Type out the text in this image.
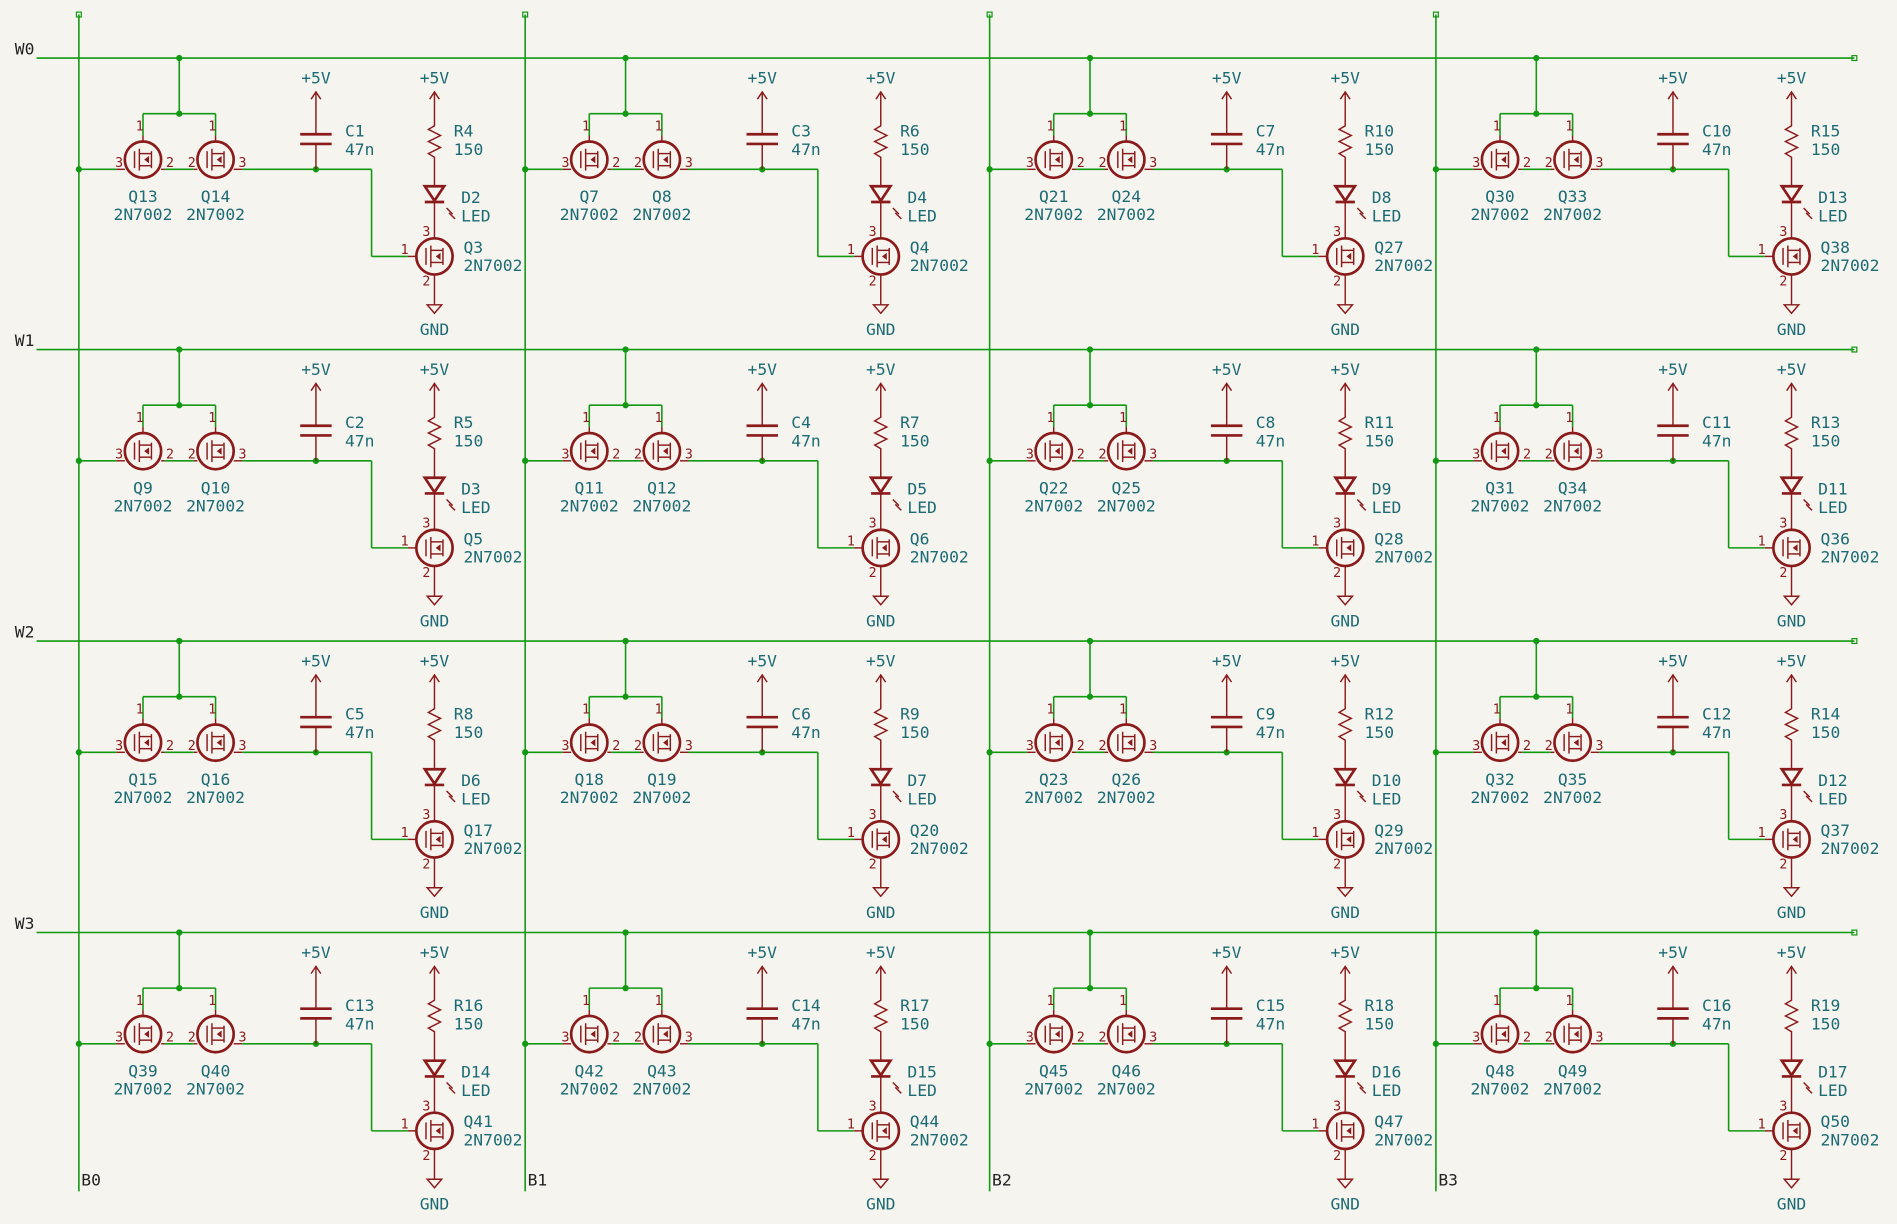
W0
W1
W2
W3
B0	B1	B2	B3
1	1
3	2 2	3
Q13
2N7002
Q14
2N7002
+5V
C1
47n
+5V
R4
150
D2
LED
1
3
2
Q3
2N7002
GND
1	1
3	2 2	3
Q7
2N7002
Q8
2N7002
+5V
C3
47n
+5V
R6
150
D4
LED
1
3
2
Q4
2N7002
GND
1	1
3	2 2	3
Q21
2N7002
Q24
2N7002
+5V
C7
47n
+5V
R10
150
D8
LED
1
3
2
Q27
2N7002
GND
1	1
3	2 2	3
Q30
2N7002
Q33
2N7002
+5V
C10
47n
+5V
R15
150
D13
LED
1
3
2
Q38
2N7002
GND
1	1
3	2 2	3
Q9
2N7002
Q10
2N7002
+5V
C2
47n
+5V
R5
150
D3
LED
1
3
2
Q5
2N7002
GND
1	1
3	2 2	3
Q11
2N7002
Q12
2N7002
+5V
C4
47n
+5V
R7
150
D5
LED
1
3
2
Q6
2N7002
GND
1	1
3	2 2	3
Q22
2N7002
Q25
2N7002
+5V
C8
47n
+5V
R11
150
D9
LED
1
3
2
Q28
2N7002
GND
1	1
3	2 2	3
Q31
2N7002
Q34
2N7002
+5V
C11
47n
+5V
R13
150
D11
LED
1
3
2
Q36
2N7002
GND
1	1
3	2 2	3
Q15
2N7002
Q16
2N7002
+5V
C5
47n
+5V
R8
150
D6
LED
1
3
2
Q17
2N7002
GND
1	1
3	2 2	3
Q18
2N7002
Q19
2N7002
+5V
C6
47n
+5V
R9
150
D7
LED
1
3
2
Q20
2N7002
GND
1	1
3	2 2	3
Q23
2N7002
Q26
2N7002
+5V
C9
47n
+5V
R12
150
D10
LED
1
3
2
Q29
2N7002
GND
1	1
3	2 2	3
Q32
2N7002
Q35
2N7002
+5V
C12
47n
+5V
R14
150
D12
LED
1
3
2
Q37
2N7002
GND
1	1
3	2 2	3
Q39
2N7002
Q40
2N7002
+5V
C13
47n
+5V
R16
150
D14
LED
1
3
2
Q41
2N7002
GND
1	1
3	2 2	3
Q42
2N7002
Q43
2N7002
+5V
C14
47n
+5V
R17
150
D15
LED
1
3
2
Q44
2N7002
GND
1	1
3	2 2	3
Q45
2N7002
Q46
2N7002
+5V
C15
47n
+5V
R18
150
D16
LED
1
3
2
Q47
2N7002
GND
1	1
3	2 2	3
Q48
2N7002
Q49
2N7002
+5V
C16
47n
+5V
R19
150
D17
LED
1
3
2
Q50
2N7002
GND
